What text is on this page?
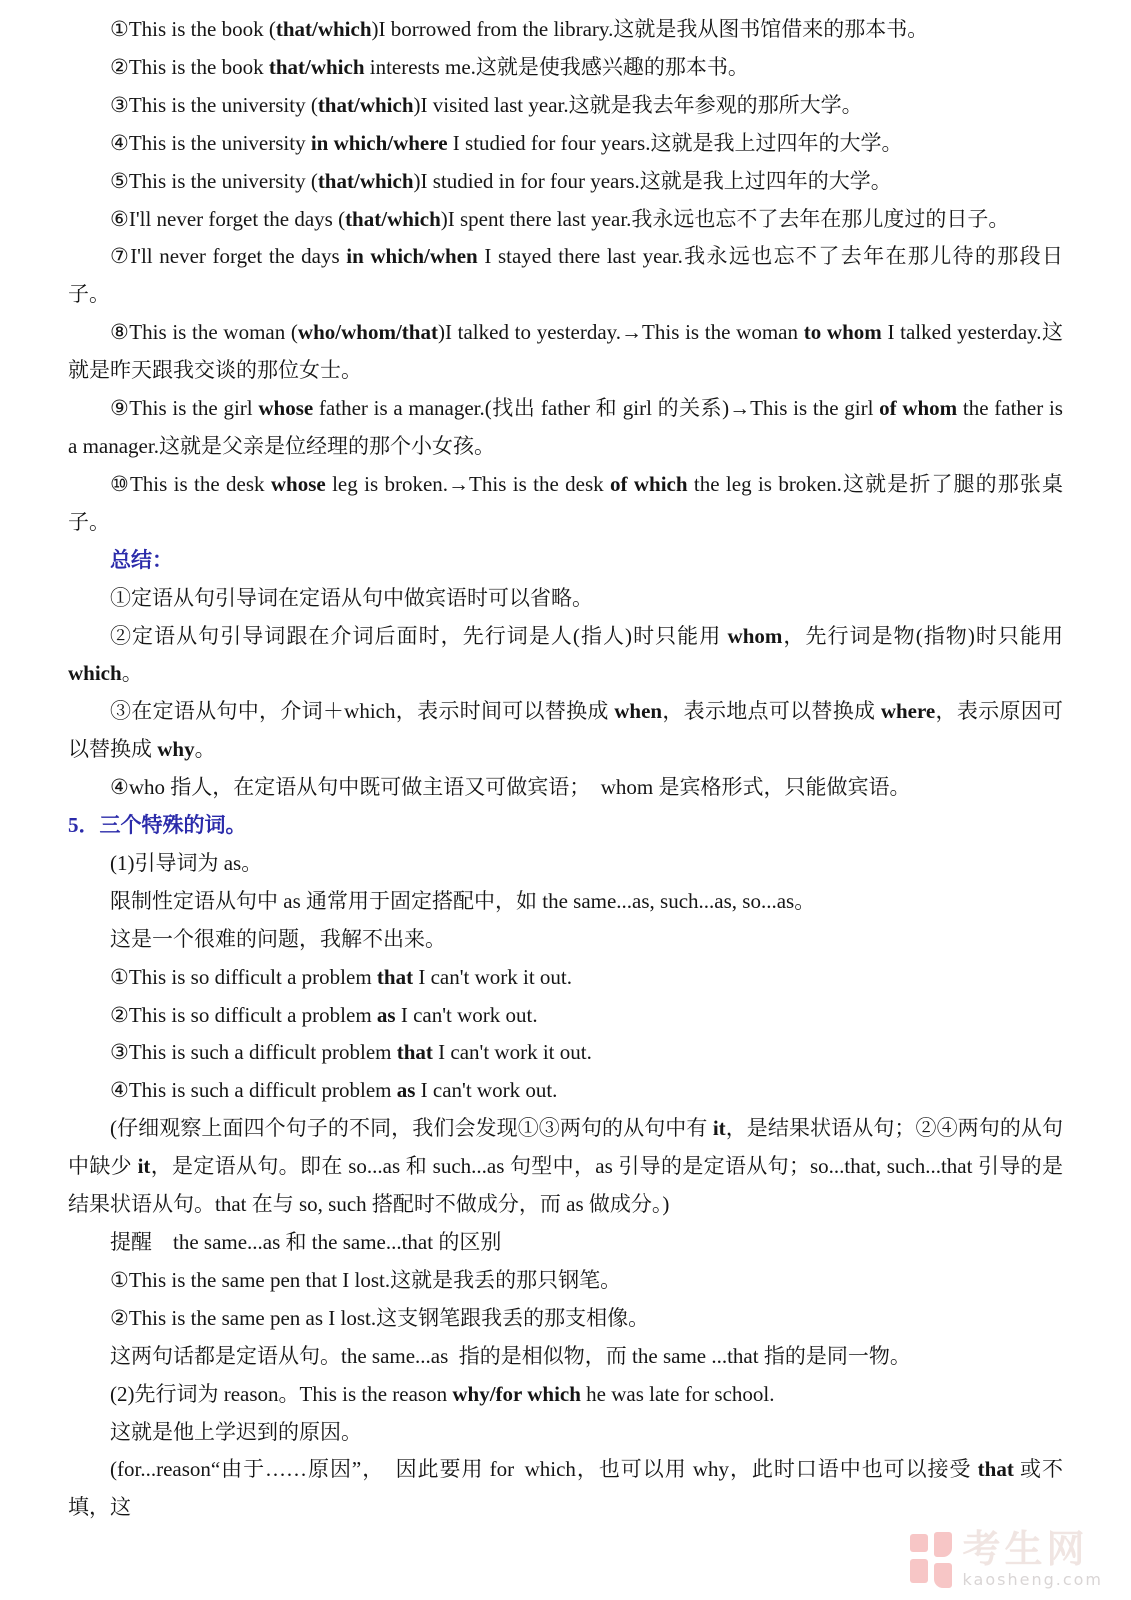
①This is the book (that/which)I borrowed from the library.这就是我从图书馆借来的那本书。

②This is the book that/which interests me.这就是使我感兴趣的那本书。

③This is the university (that/which)I visited last year.这就是我去年参观的那所大学。

④This is the university in which/where I studied for four years.这就是我上过四年的大学。

⑤This is the university (that/which)I studied in for four years.这就是我上过四年的大学。

⑥I'll never forget the days (that/which)I spent there last year.我永远也忘不了去年在那儿度过的日子。

⑦I'll never forget the days in which/when I stayed there last year.我永远也忘不了去年在那儿待的那段日子。

⑧This is the woman (who/whom/that)I talked to yesterday.→This is the woman to whom I talked yesterday.这就是昨天跟我交谈的那位女士。

⑨This is the girl whose father is a manager.(找出 father 和 girl 的关系)→This is the girl of whom the father is a manager.这就是父亲是位经理的那个小女孩。

⑩This is the desk whose leg is broken.→This is the desk of which the leg is broken.这就是折了腿的那张桌子。

总结：

①定语从句引导词在定语从句中做宾语时可以省略。

②定语从句引导词跟在介词后面时，先行词是人(指人)时只能用 whom，先行词是物(指物)时只能用 which。

③在定语从句中，介词＋which，表示时间可以替换成 when，表示地点可以替换成 where，表示原因可以替换成 why。

④who 指人，在定语从句中既可做主语又可做宾语；　whom 是宾格形式，只能做宾语。

5．三个特殊的词。

(1)引导词为 as。

限制性定语从句中 as 通常用于固定搭配中，如 the same...as, such...as, so...as。

这是一个很难的问题，我解不出来。

①This is so difficult a problem that I can't work it out.

②This is so difficult a problem as I can't work out.

③This is such a difficult problem that I can't work it out.

④This is such a difficult problem as I can't work out.

(仔细观察上面四个句子的不同，我们会发现①③两句的从句中有 it，是结果状语从句；②④两句的从句中缺少 it，是定语从句。即在 so...as 和 such...as 句型中，as 引导的是定语从句；so...that, such...that 引导的是结果状语从句。that 在与 so, such 搭配时不做成分，而 as 做成分。)

提醒　the same...as 和 the same...that 的区别

①This is the same pen that I lost.这就是我丢的那只钢笔。

②This is the same pen as I lost.这支钢笔跟我丢的那支相像。

这两句话都是定语从句。the same...as 指的是相似物，而 the same ...that 指的是同一物。

(2)先行词为 reason。This is the reason why/for which he was late for school.

这就是他上学迟到的原因。

(for...reason“由于……原因”，　因此要用 for which，也可以用 why，此时口语中也可以接受 that 或不填，这

考生网
kaosheng.com
